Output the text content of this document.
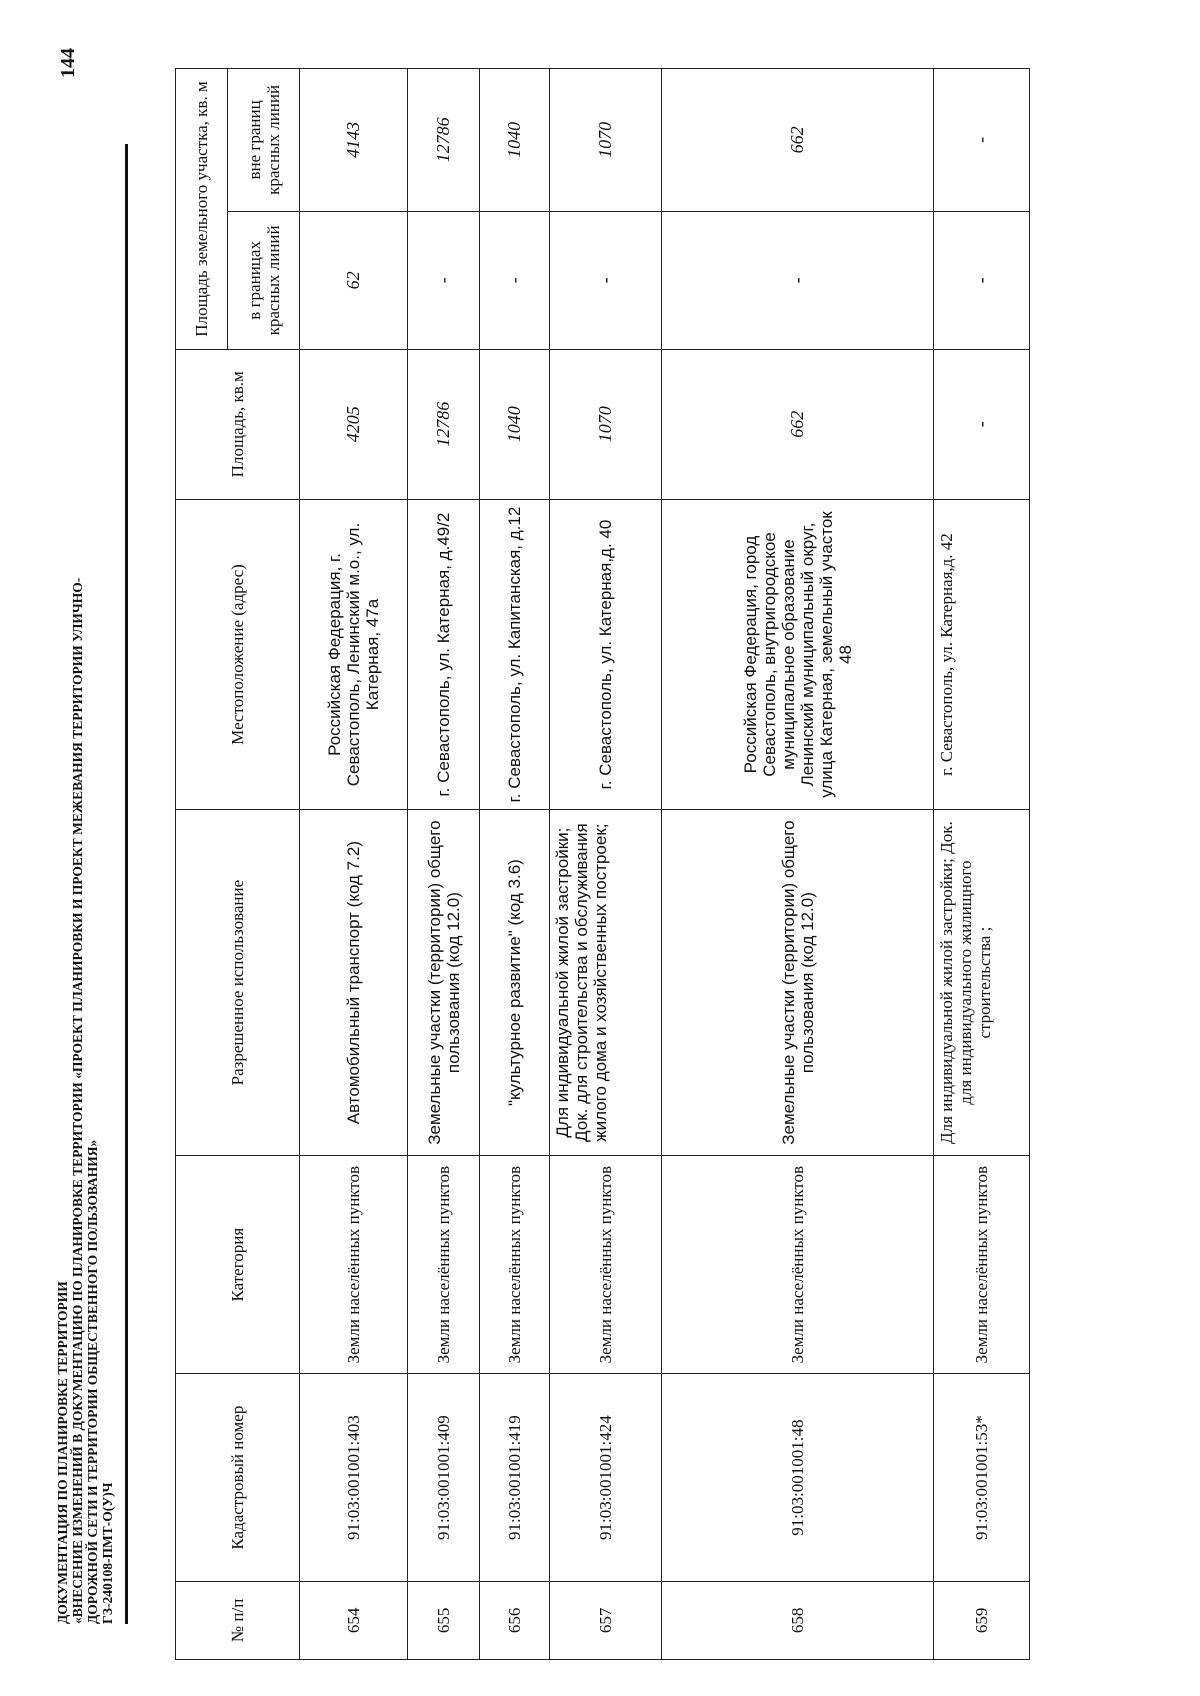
ДОКУМЕНТАЦИЯ ПО ПЛАНИРОВКЕ ТЕРРИТОРИИ «ВНЕСЕНИЕ ИЗМЕНЕНИЙ В ДОКУМЕНТАЦИЮ ПО ПЛАНИРОВКЕ ТЕРРИТОРИИ «ПРОЕКТ ПЛАНИРОВКИ И ПРОЕКТ МЕЖЕВАНИЯ ТЕРРИТОРИИ УЛИЧНО- ДОРОЖНОЙ СЕТИ И ТЕРРИТОРИИ ОБЩЕСТВЕННОГО ПОЛЬЗОВАНИЯ» ГЗ-240108-ПМТ-О(У)Ч
144
№ п/п	Кадастровый номер	Категория	Разрешенное использование	Местоположение (адрес)	Площадь, кв.м	Площадь земельного участка, кв. м	
						в границах красных линий	вне границ красных линий
654	91:03:001001:403	Земли населённых пунктов	Автомобильный транспорт (код 7.2)	Российская Федерация, г. Севастополь, Ленинский м.о., ул. Катерная, 47а	4205	62	4143
655	91:03:001001:409	Земли населённых пунктов	Земельные участки (территории) общего пользования (код 12.0)	г. Севастополь, ул. Катерная, д.49/2	12786	-	12786
656	91:03:001001:419	Земли населённых пунктов	"культурное развитие" (код 3.6)	г. Севастополь, ул. Капитанская, д.12	1040	-	1040
657	91:03:001001:424	Земли населённых пунктов	Для индивидуальной жилой застройки; Док. для строительства и обслуживания жилого дома и хозяйственных построек;	г. Севастополь, ул. Катерная,д. 40	1070	-	1070
658	91:03:001001:48	Земли населённых пунктов	Земельные участки (территории) общего пользования (код 12.0)	Российская Федерация, город Севастополь, внутригородское муниципальное образование Ленинский муниципальный округ, улица Катерная, земельный участок 48	662	-	662
659	91:03:001001:53*	Земли населённых пунктов	Для индивидуальной жилой застройки; Док. для индивидуального жилищного строительства ;	г. Севастополь, ул. Катерная,д. 42	-	-	-
